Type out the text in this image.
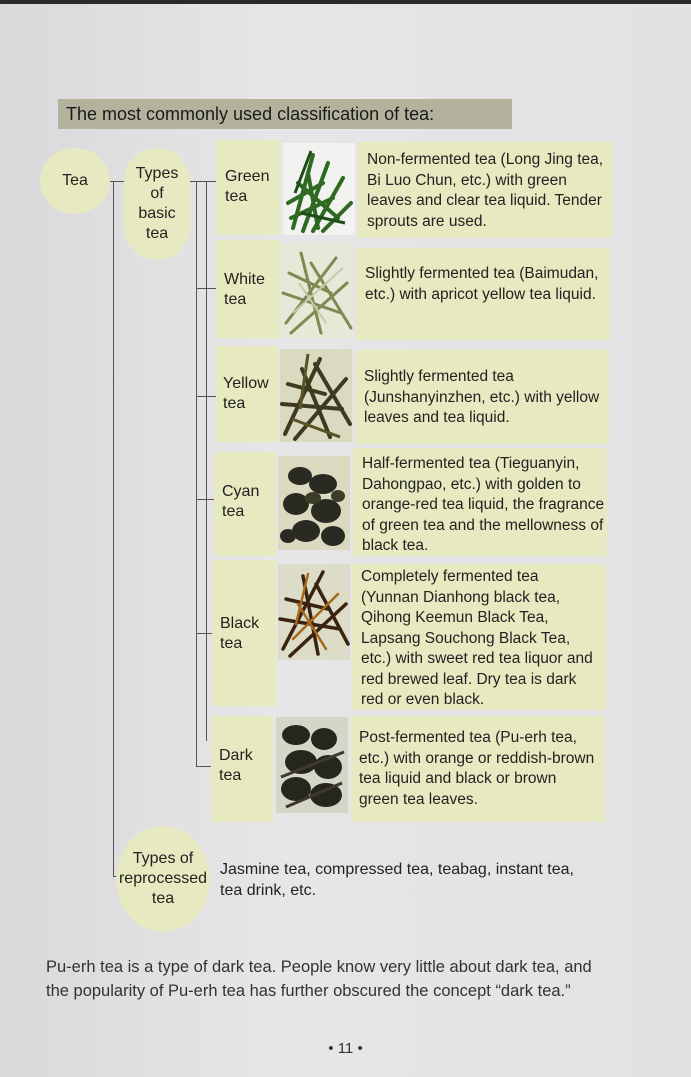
The most commonly used classification of tea:
Tea	Types of basic tea
Types of reprocessed tea
Jasmine tea, compressed tea, teabag, instant tea, tea drink, etc.
Green tea
Non-fermented tea (Long Jing tea, Bi Luo Chun, etc.) with green leaves and clear tea liquid. Tender sprouts are used.
White tea
Slightly fermented tea (Baimudan, etc.) with apricot yellow tea liquid.
Yellow tea
Slightly fermented tea (Junshanyinzhen, etc.) with yellow leaves and tea liquid.
Cyan tea
Half-fermented tea (Tieguanyin, Dahongpao, etc.) with golden to orange-red tea liquid, the fragrance of green tea and the mellowness of black tea.
Black tea
Completely fermented tea (Yunnan Dianhong black tea, Qihong Keemun Black Tea, Lapsang Souchong Black Tea, etc.) with sweet red tea liquor and red brewed leaf. Dry tea is dark red or even black.
Dark tea
Post-fermented tea (Pu-erh tea, etc.) with orange or reddish-brown tea liquid and black or brown green tea leaves.

Pu-erh tea is a type of dark tea. People know very little about dark tea, and the popularity of Pu-erh tea has further obscured the concept “dark tea.”

• 11 •
